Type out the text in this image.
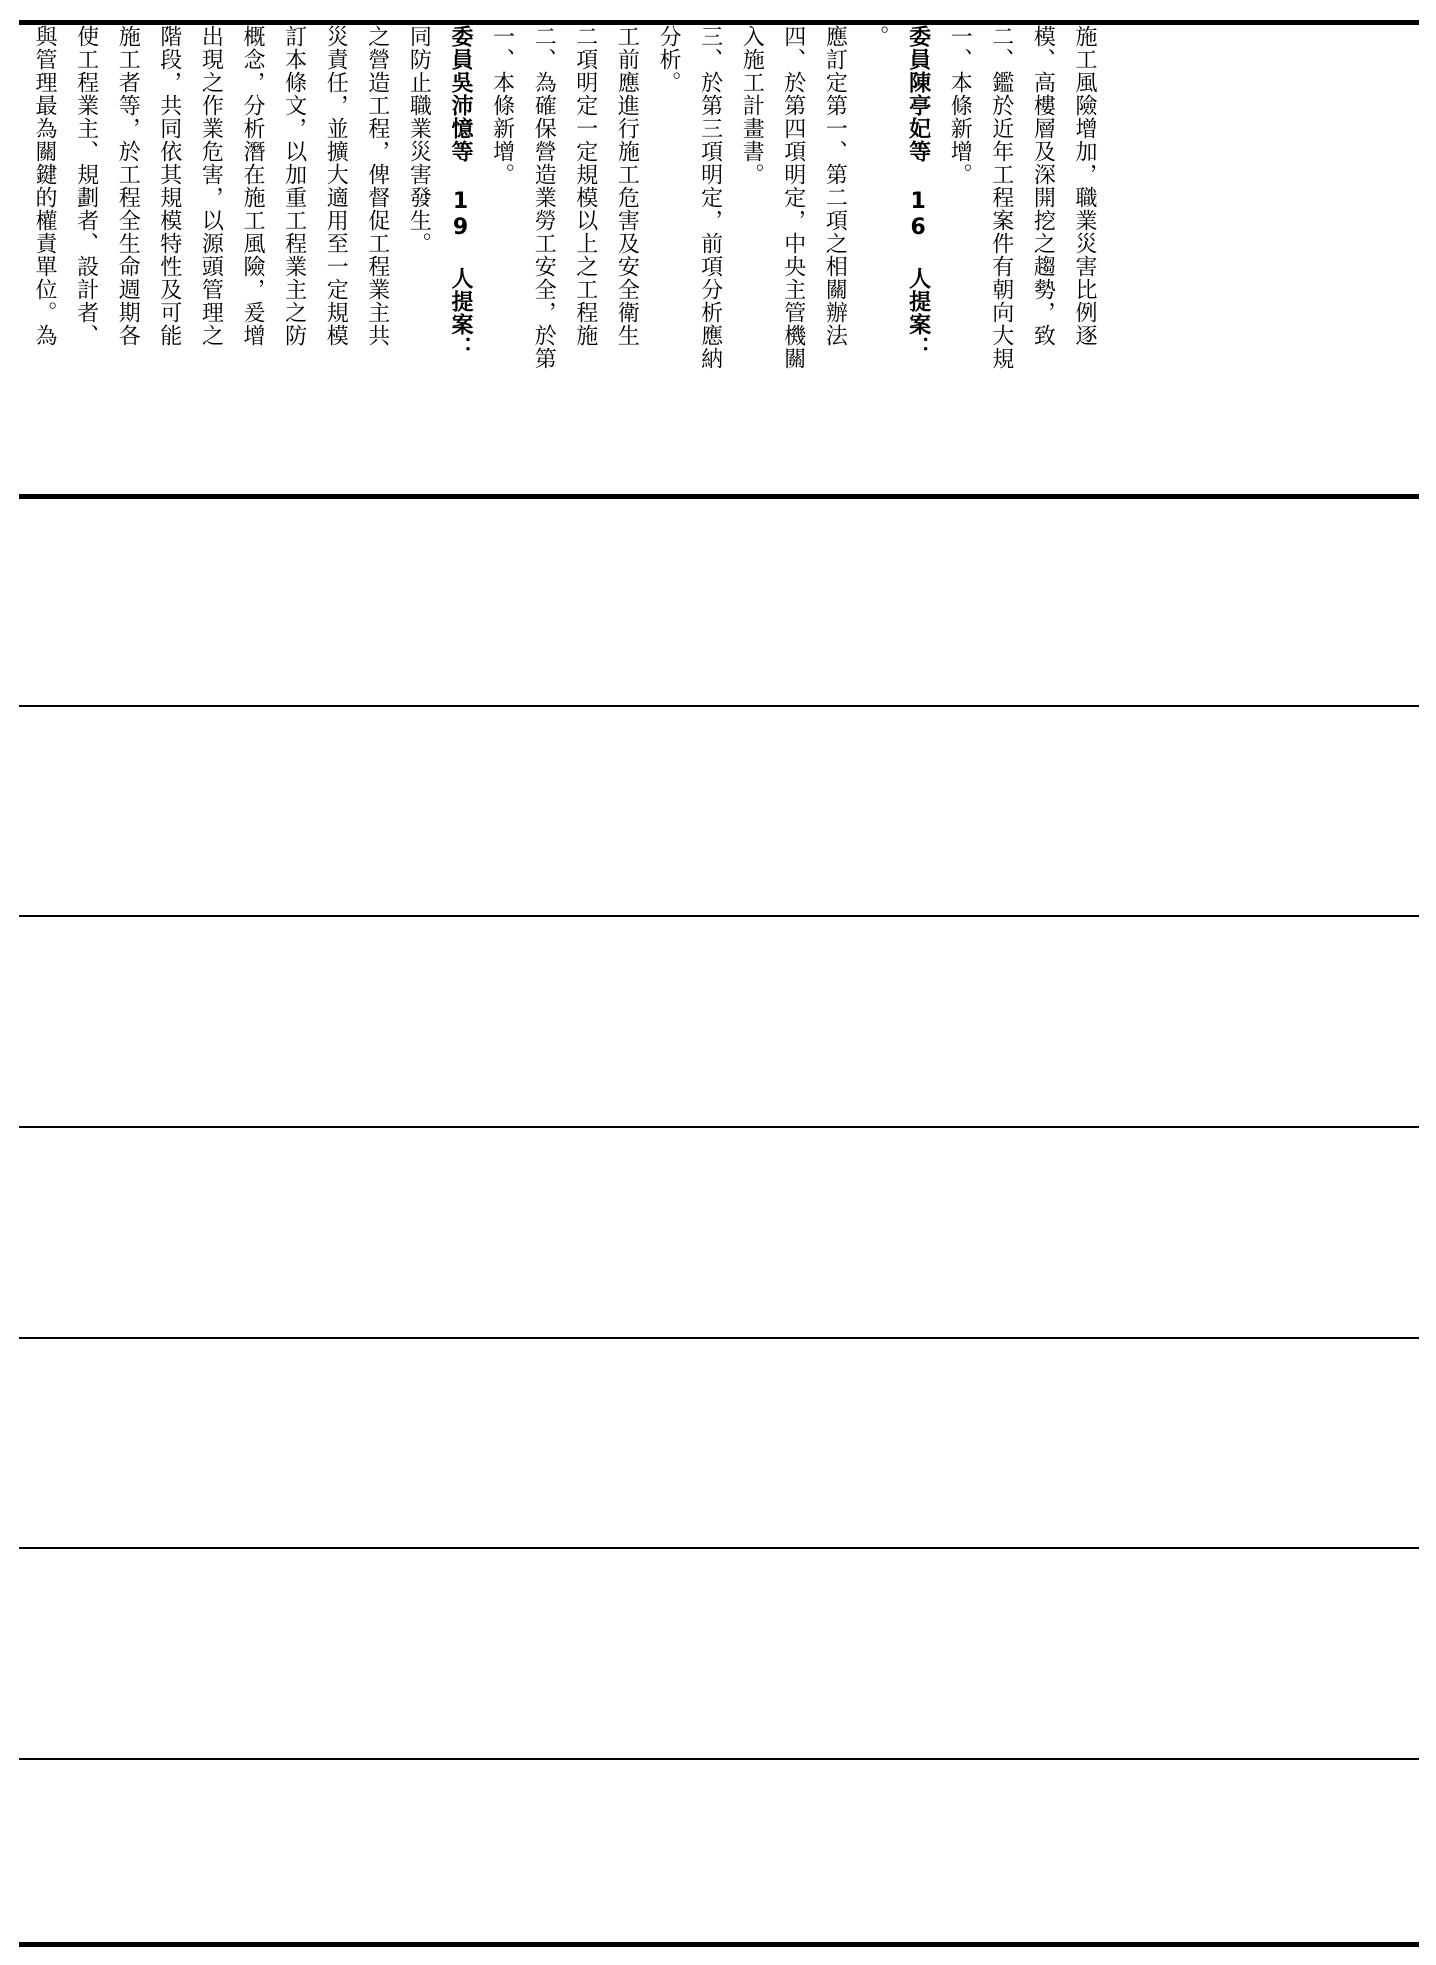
與管理最為關鍵的權責單位。為 使工程業主、規劃者、設計者、 施工者等，於工程全生命週期各 階段，共同依其規模特性及可能 出現之作業危害，以源頭管理之 概念，分析潛在施工風險，爰增 訂本條文，以加重工程業主之防 災責任，並擴大適用至一定規模 之營造工程，俾督促工程業主共 同防止職業災害發生。 委員吳沛憶等 19 人提案： 一、本條新增。 二、為確保營造業勞工安全，於第 二項明定一定規模以上之工程施 工前應進行施工危害及安全衛生 分析。 三、於第三項明定，前項分析應納 入施工計畫書。 四、於第四項明定，中央主管機關 應訂定第一、第二項之相關辦法 。 委員陳亭妃等 16 人提案： 一、本條新增。 二、鑑於近年工程案件有朝向大規 模、高樓層及深開挖之趨勢，致 施工風險增加，職業災害比例逐
